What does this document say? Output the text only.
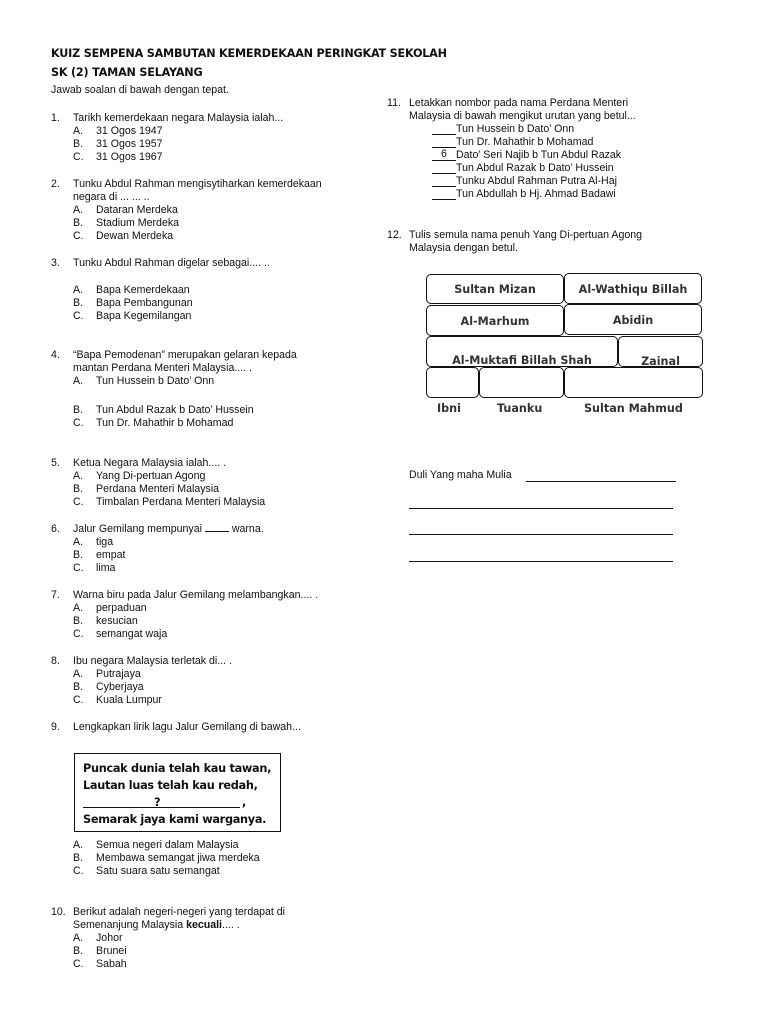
KUIZ SEMPENA SAMBUTAN KEMERDEKAAN PERINGKAT SEKOLAH
SK (2) TAMAN SELAYANG
Jawab soalan di bawah dengan tepat.
1.	Tarikh kemerdekaan negara Malaysia ialah...
A. 31 Ogos 1947
B. 31 Ogos 1957
C. 31 Ogos 1967
2.	Tunku Abdul Rahman mengisytiharkan kemerdekaan
negara di ... ... ..
A. Dataran Merdeka
B. Stadium Merdeka
C. Dewan Merdeka
3.	Tunku Abdul Rahman digelar sebagai.... ..
A. Bapa Kemerdekaan
B. Bapa Pembangunan
C. Bapa Kegemilangan
4.	“Bapa Pemodenan” merupakan gelaran kepada
mantan Perdana Menteri Malaysia.... .
A. Tun Hussein b Dato’ Onn
B. Tun Abdul Razak b Dato’ Hussein
C. Tun Dr. Mahathir b Mohamad
5.	Ketua Negara Malaysia ialah.... .
A. Yang Di-pertuan Agong
B. Perdana Menteri Malaysia
C. Timbalan Perdana Menteri Malaysia
6.	Jalur Gemilang mempunyai	warna.
A. tiga
B. empat
C. lima
7.	Warna biru pada Jalur Gemilang melambangkan.... .
A. perpaduan
B. kesucian
C. semangat waja
8.	Ibu negara Malaysia terletak di... .
A. Putrajaya
B. Cyberjaya
C. Kuala Lumpur
9.	Lengkapkan lirik lagu Jalur Gemilang di bawah...
Puncak dunia telah kau tawan,
Lautan luas telah kau redah,
?	,
Semarak jaya kami warganya.
A. Semua negeri dalam Malaysia
B. Membawa semangat jiwa merdeka
C. Satu suara satu semangat
10. Berikut adalah negeri-negeri yang terdapat di
Semenanjung Malaysia kecuali.... .
A. Johor
B. Brunei
C. Sabah
11. Letakkan nombor pada nama Perdana Menteri
Malaysia di bawah mengikut urutan yang betul...
Tun Hussein b Dato’ Onn
Tun Dr. Mahathir b Mohamad
6 Dato’ Seri Najib b Tun Abdul Razak
Tun Abdul Razak b Dato’ Hussein
Tunku Abdul Rahman Putra Al-Haj
Tun Abdullah b Hj. Ahmad Badawi
12. Tulis semula nama penuh Yang Di-pertuan Agong
Malaysia dengan betul.
Sultan Mizan	Al-Wathiqu Billah
Al-Marhum	Abidin
Al-Muktafi Billah Shah	Zainal
Ibni	Tuanku	Sultan Mahmud
Duli Yang maha Mulia
